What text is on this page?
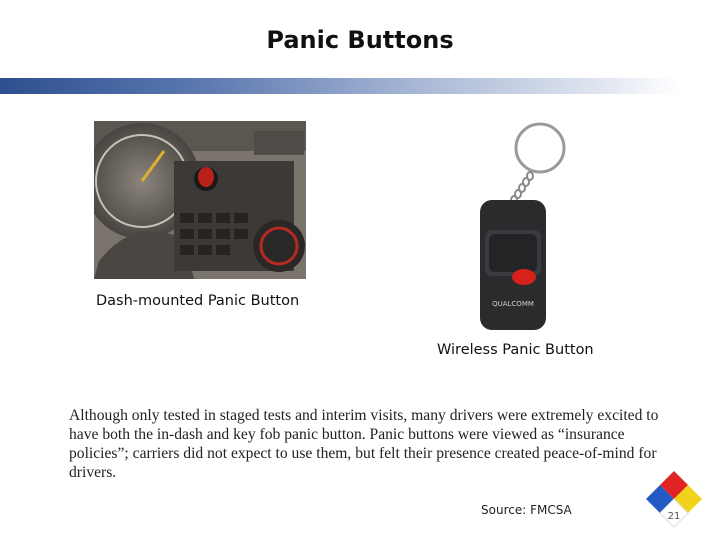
Panic Buttons
Dash-mounted Panic Button	QUALCOMM
Wireless Panic Button
Although only tested in staged tests and interim visits, many drivers were extremely excited to have both the in-dash and key fob panic button. Panic buttons were viewed as “insurance policies”; carriers did not expect to use them, but felt their presence created peace-of-mind for drivers.
Source: FMCSA	21
